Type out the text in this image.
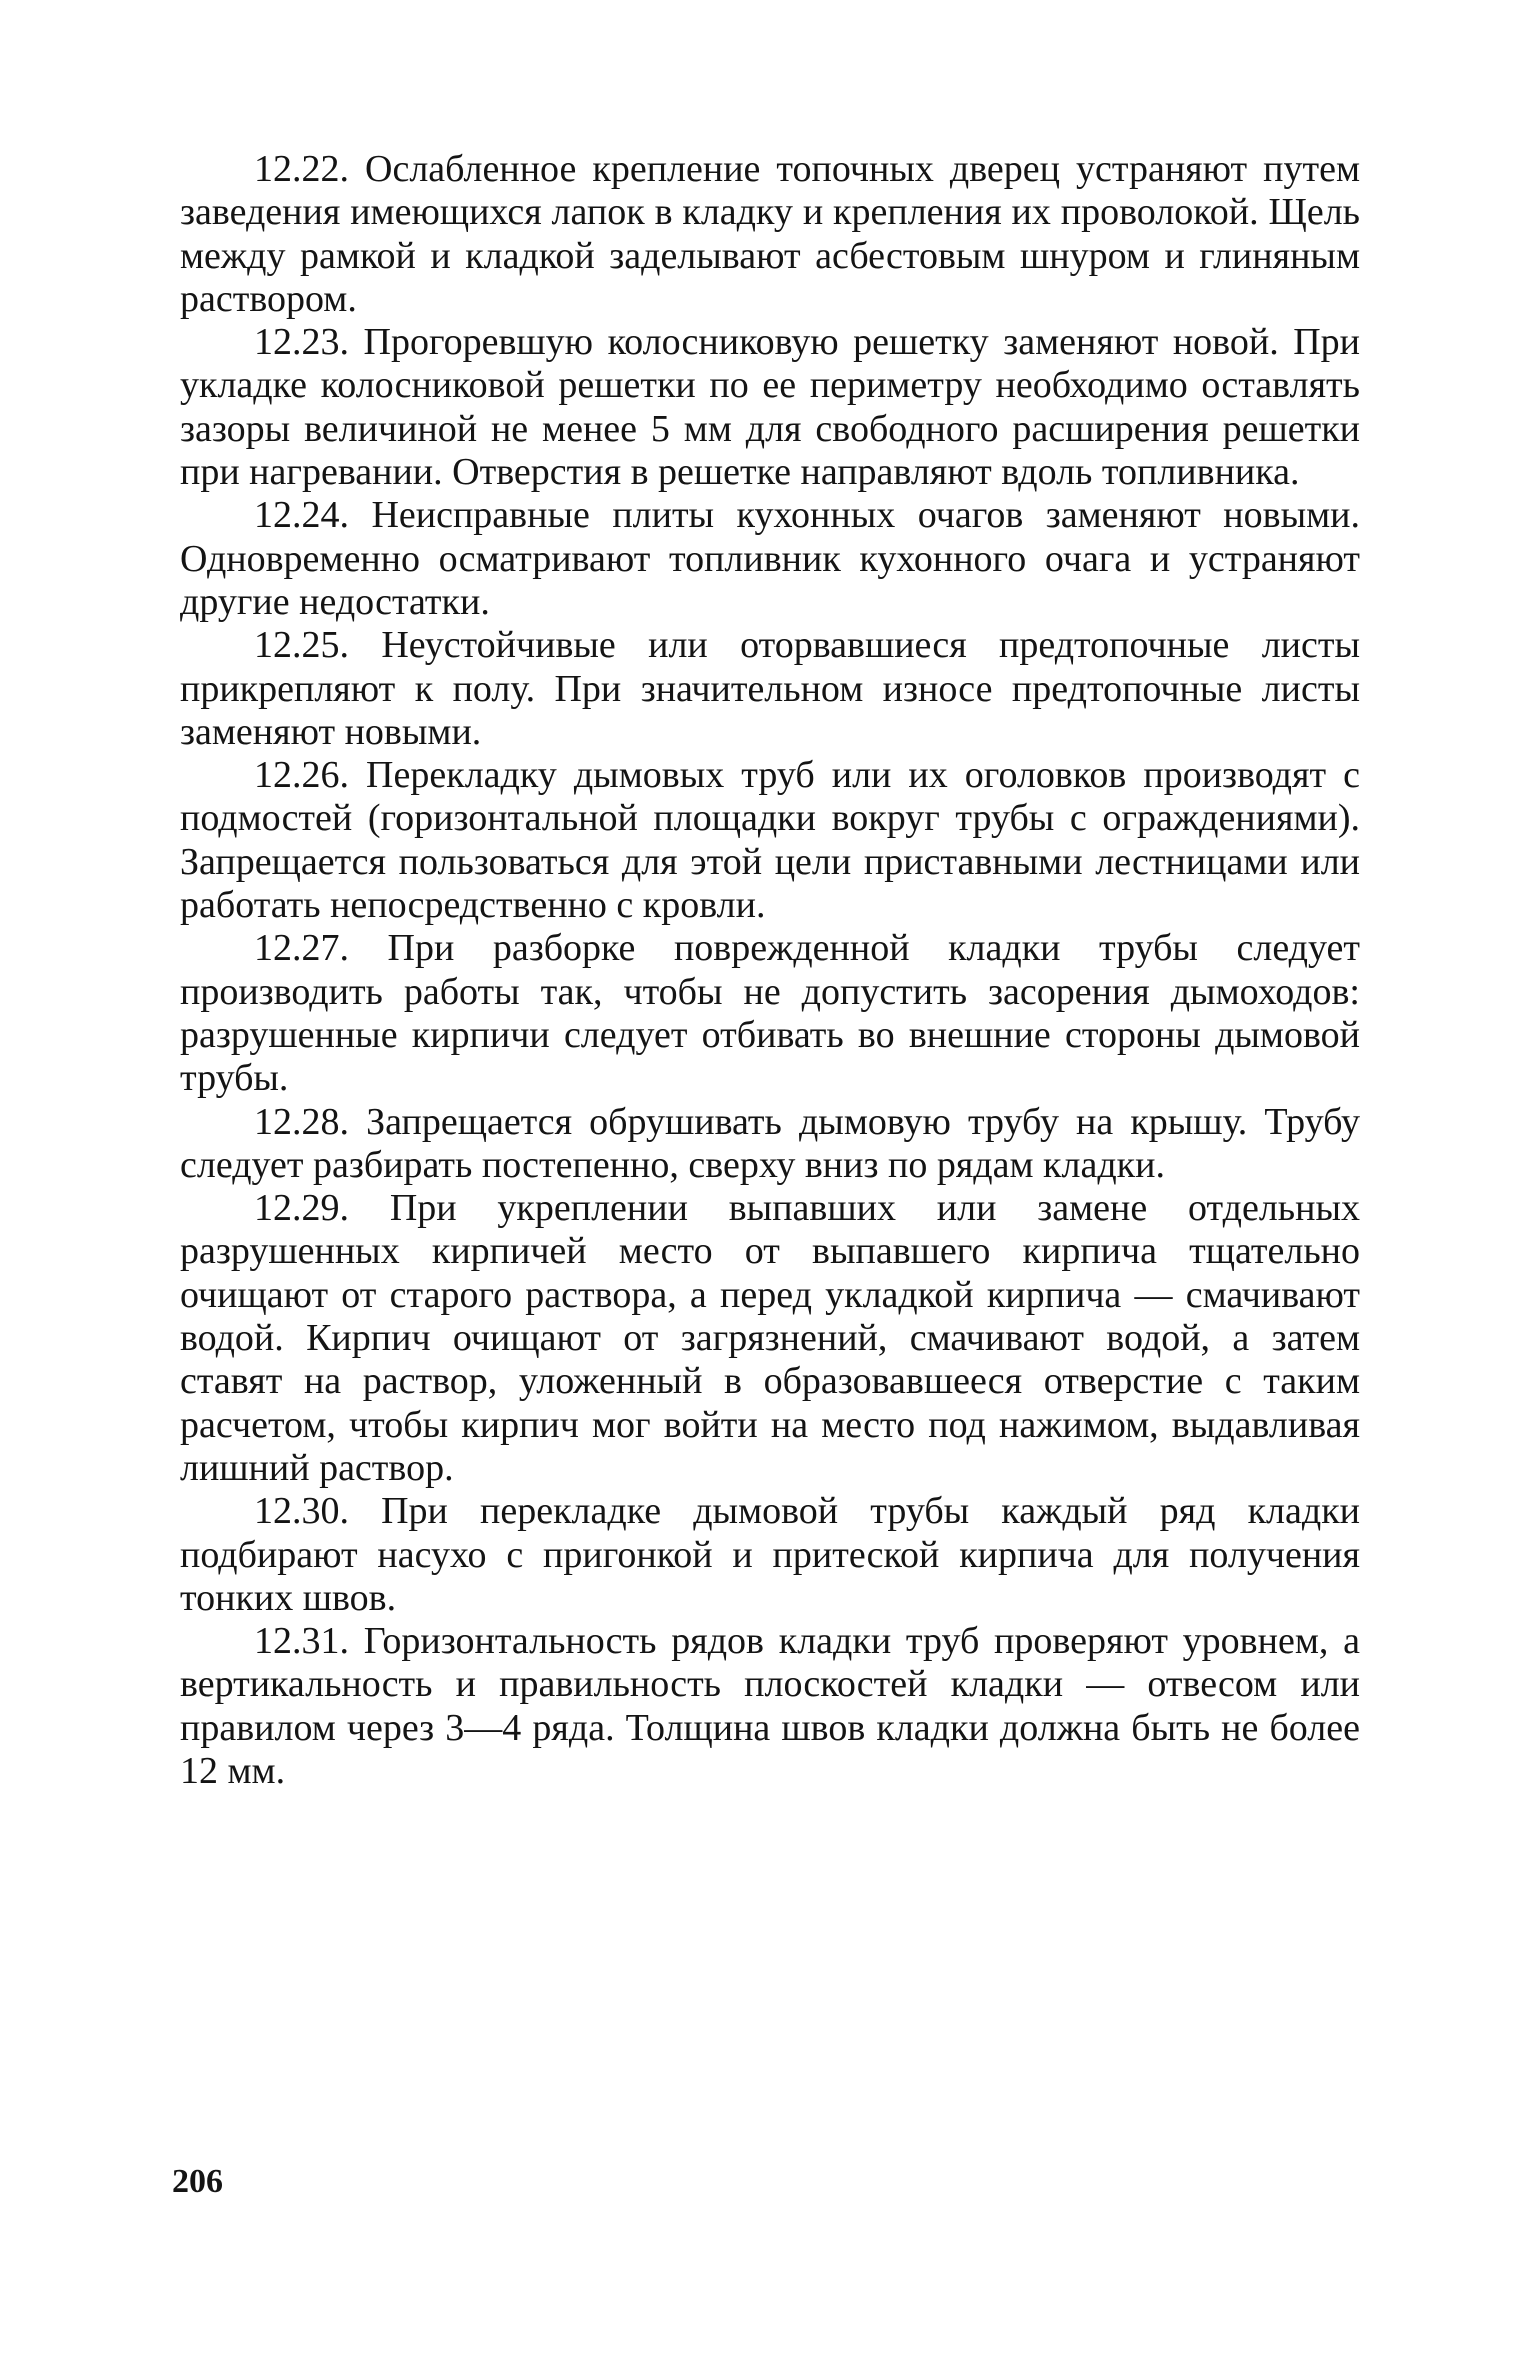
12.22. Ослабленное крепление топочных дверец устраняют путем заведения имеющихся лапок в кладку и крепления их проволокой. Щель между рамкой и кладкой заделывают асбестовым шнуром и глиняным раствором.

12.23. Прогоревшую колосниковую решетку заменяют новой. При укладке колосниковой решетки по ее периметру необходимо оставлять зазоры величиной не менее 5 мм для свободного расширения решетки при нагревании. Отверстия в решетке направляют вдоль топливника.

12.24. Неисправные плиты кухонных очагов заменяют новыми. Одновременно осматривают топливник кухонного очага и устраняют другие недостатки.

12.25. Неустойчивые или оторвавшиеся предтопочные листы прикрепляют к полу. При значительном износе предтопочные листы заменяют новыми.

12.26. Перекладку дымовых труб или их оголовков производят с подмостей (горизонтальной площадки вокруг трубы с ограждениями). Запрещается пользоваться для этой цели приставными лестницами или работать непосредственно с кровли.

12.27. При разборке поврежденной кладки трубы следует производить работы так, чтобы не допустить засорения дымоходов: разрушенные кирпичи следует отбивать во внешние стороны дымовой трубы.

12.28. Запрещается обрушивать дымовую трубу на крышу. Трубу следует разбирать постепенно, сверху вниз по рядам кладки.

12.29. При укреплении выпавших или замене отдельных разрушенных кирпичей место от выпавшего кирпича тщательно очищают от старого раствора, а перед укладкой кирпича — смачивают водой. Кирпич очищают от загрязнений, смачивают водой, а затем ставят на раствор, уложенный в образовавшееся отверстие с таким расчетом, чтобы кирпич мог войти на место под нажимом, выдавливая лишний раствор.

12.30. При перекладке дымовой трубы каждый ряд кладки подбирают насухо с пригонкой и притеской кирпича для получения тонких швов.

12.31. Горизонтальность рядов кладки труб проверяют уровнем, а вертикальность и правильность плоскостей кладки — отвесом или правилом через 3—4 ряда. Толщина швов кладки должна быть не более 12 мм.

206
